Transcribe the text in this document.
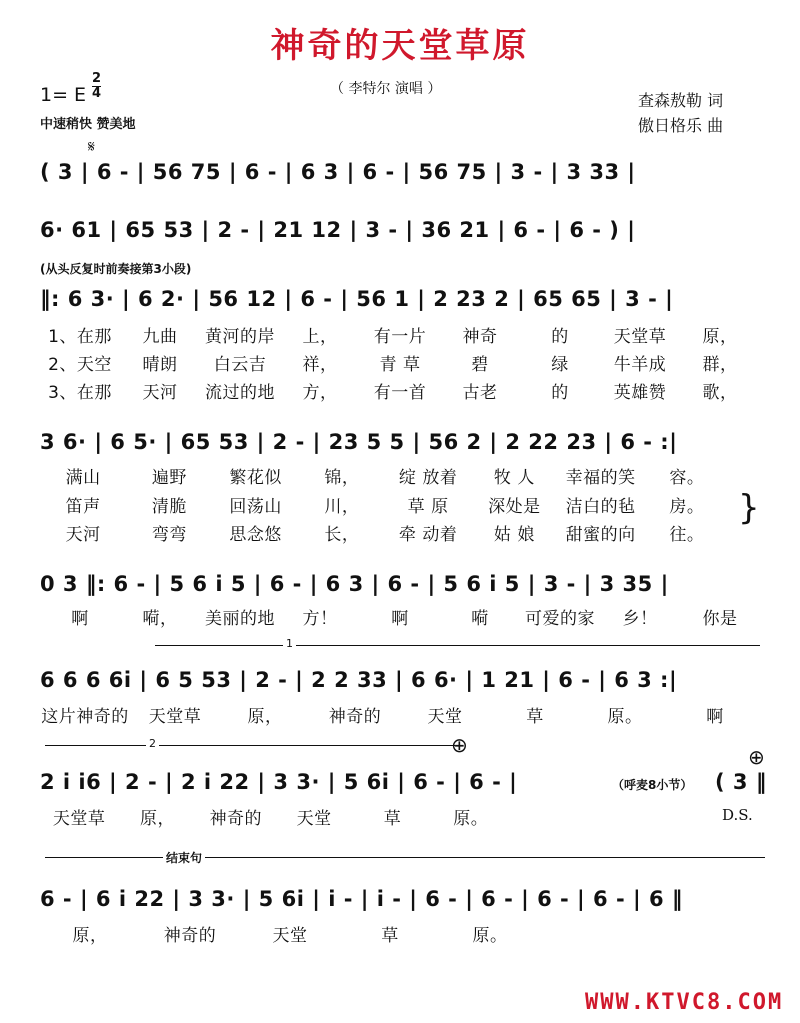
神奇的天堂草原
（ 李特尔 演唱 ）
1= E
2
4
中速稍快 赞美地
查森敖勒 词
傲日格乐 曲
𝄋
( 3 | 6 - | 56 75 | 6 - | 6 3 | 6 - | 56 75 | 3 - | 3 33 |
6· 61 | 65 53 | 2 - | 21 12 | 3 - | 36 21 | 6 - | 6 - ) |
(从头反复时前奏接第3小段)
‖: 6 3· | 6 2· | 56 12 | 6 - | 56 1 | 2 23 2 | 65 65 | 3 - |
1、在那	九曲	黄河的岸	上，	有一片	神奇	的	天堂草	原，
2、天空	晴朗	白云吉	祥，	青 草	碧	绿	牛羊成	群，
3、在那	天河	流过的地	方，	有一首	古老	的	英雄赞	歌，
3 6· | 6 5· | 65 53 | 2 - | 23 5 5 | 56 2 | 2 22 23 | 6 - :|
满山	遍野	繁花似	锦，	绽 放着	牧 人	幸福的笑	容。
笛声	清脆	回荡山	川，	草 原	深处是	洁白的毡	房。
天河	弯弯	思念悠	长，	牵 动着	姑 娘	甜蜜的向	往。
}
0 3 ‖: 6 - | 5 6 i 5 | 6 - | 6 3 | 6 - | 5 6 i 5 | 3 - | 3 35 |
啊	嗬，	美丽的地	方！	啊	嗬	可爱的家	乡！	你是
1
6 6 6 6i | 6 5 53 | 2 - | 2 2 33 | 6 6· | 1 21 | 6 - | 6 3 :|
这片神奇的	天堂草	原，	神奇的	天堂	草	原。	啊
2	⊕	⊕
2 i i6 | 2 - | 2 i 22 | 3 3· | 5 6i | 6 - | 6 - |	（呼麦8小节） ( 3 ‖
天堂草	原，	神奇的	天堂	草	原。	D.S.
结束句
6 - | 6 i 22 | 3 3· | 5 6i | i - | i - | 6 - | 6 - | 6 - | 6 - | 6 ‖
原，	神奇的	天堂	草	原。
WWW.KTVC8.COM
